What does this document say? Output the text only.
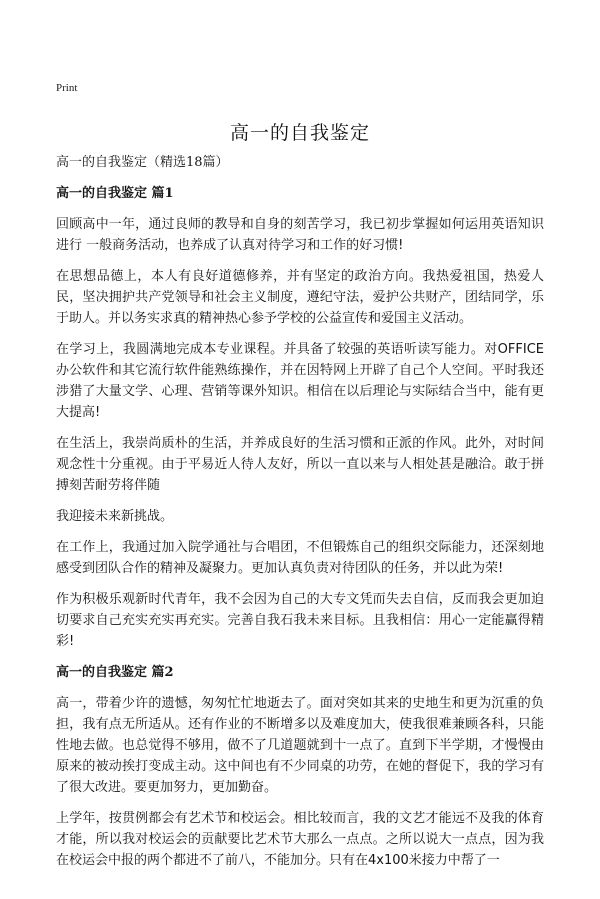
Print
高一的自我鉴定

高一的自我鉴定（精选18篇）

高一的自我鉴定 篇1

回顾高中一年，通过良师的教导和自身的刻苦学习，我已初步掌握如何运用英语知识进行 一般商务活动，也养成了认真对待学习和工作的好习惯!

在思想品德上，本人有良好道德修养，并有坚定的政治方向。我热爱祖国，热爱人民，坚决拥护共产党领导和社会主义制度，遵纪守法，爱护公共财产，团结同学，乐于助人。并以务实求真的精神热心参予学校的公益宣传和爱国主义活动。

在学习上，我圆满地完成本专业课程。并具备了较强的英语听读写能力。对OFFICE办公软件和其它流行软件能熟练操作，并在因特网上开辟了自己个人空间。平时我还涉猎了大量文学、心理、营销等课外知识。相信在以后理论与实际结合当中，能有更大提高!

在生活上，我崇尚质朴的生活，并养成良好的生活习惯和正派的作风。此外，对时间观念性十分重视。由于平易近人待人友好，所以一直以来与人相处甚是融洽。敢于拼搏刻苦耐劳将伴随

我迎接未来新挑战。

在工作上，我通过加入院学通社与合唱团，不但锻炼自己的组织交际能力，还深刻地感受到团队合作的精神及凝聚力。更加认真负责对待团队的任务，并以此为荣!

作为积极乐观新时代青年，我不会因为自己的大专文凭而失去自信，反而我会更加迫切要求自己充实充实再充实。完善自我石我未来目标。且我相信：用心一定能赢得精彩!

高一的自我鉴定 篇2

高一，带着少许的遗憾，匆匆忙忙地逝去了。面对突如其来的史地生和更为沉重的负担，我有点无所适从。还有作业的不断增多以及难度加大，使我很难兼顾各科，只能性地去做。也总觉得不够用，做不了几道题就到十一点了。直到下半学期，才慢慢由原来的被动挨打变成主动。这中间也有不少同桌的功劳，在她的督促下，我的学习有了很大改进。要更加努力，更加勤奋。

上学年，按贯例都会有艺术节和校运会。相比较而言，我的文艺才能远不及我的体育才能，所以我对校运会的贡献要比艺术节大那么一点点。之所以说大一点点，因为我在校运会中报的两个都进不了前八，不能加分。只有在4x100米接力中帮了一
